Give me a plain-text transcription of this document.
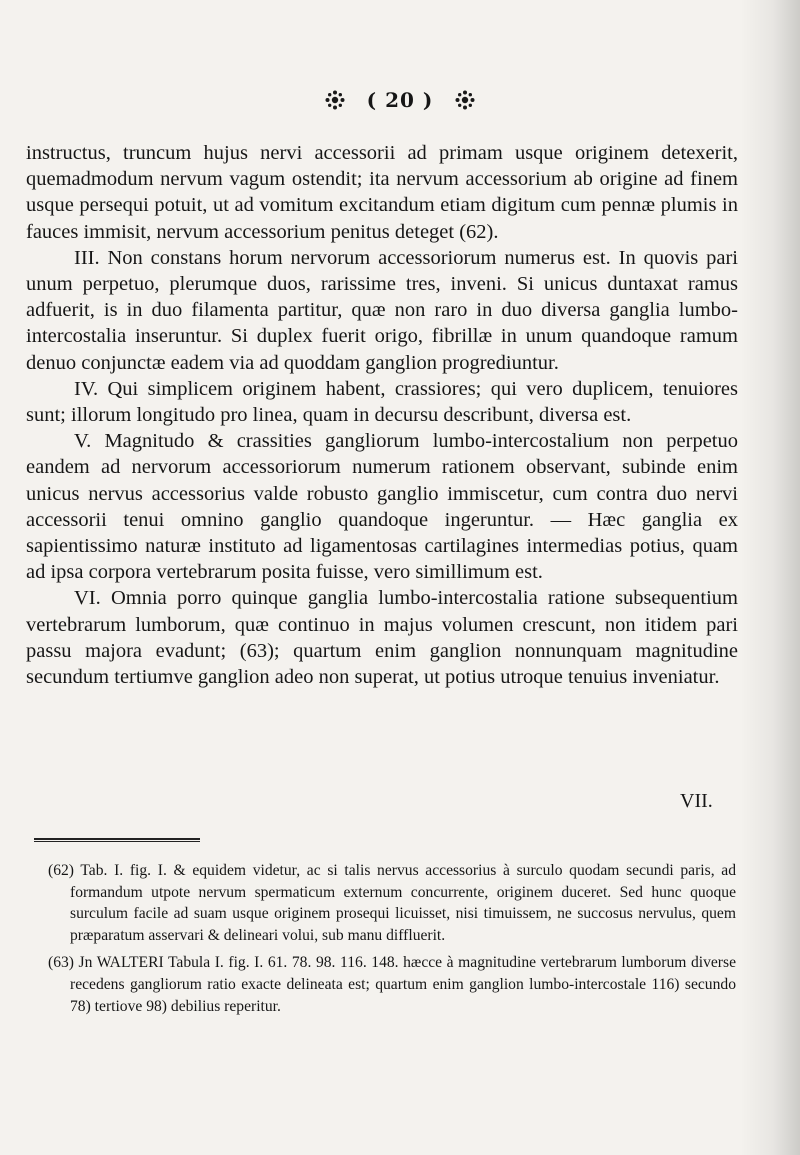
( 20 )

instructus, truncum hujus nervi accessorii ad primam usque originem detexerit, quemadmodum nervum vagum ostendit; ita nervum accessorium ab origine ad finem usque persequi potuit, ut ad vomitum excitandum etiam digitum cum pennæ plumis in fauces immisit, nervum accessorium penitus deteget (62).

III. Non constans horum nervorum accessoriorum numerus est. In quovis pari unum perpetuo, plerumque duos, rarissime tres, inveni. Si unicus duntaxat ramus adfuerit, is in duo filamenta partitur, quæ non raro in duo diversa ganglia lumbo-intercostalia inseruntur. Si duplex fuerit origo, fibrillæ in unum quandoque ramum denuo conjunctæ eadem via ad quoddam ganglion progrediuntur.

IV. Qui simplicem originem habent, crassiores; qui vero duplicem, tenuiores sunt; illorum longitudo pro linea, quam in decursu describunt, diversa est.

V. Magnitudo & crassities gangliorum lumbo-intercostalium non perpetuo eandem ad nervorum accessoriorum numerum rationem observant, subinde enim unicus nervus accessorius valde robusto ganglio immiscetur, cum contra duo nervi accessorii tenui omnino ganglio quandoque ingeruntur. — Hæc ganglia ex sapientissimo naturæ instituto ad ligamentosas cartilagines intermedias potius, quam ad ipsa corpora vertebrarum posita fuisse, vero simillimum est.

VI. Omnia porro quinque ganglia lumbo-intercostalia ratione subsequentium vertebrarum lumborum, quæ continuo in majus volumen crescunt, non itidem pari passu majora evadunt; (63); quartum enim ganglion nonnunquam magnitudine secundum tertiumve ganglion adeo non superat, ut potius utroque tenuius inveniatur.

VII.

(62) Tab. I. fig. I. & equidem videtur, ac si talis nervus accessorius à surculo quodam secundi paris, ad formandum utpote nervum spermaticum externum concurrente, originem duceret. Sed hunc quoque surculum facile ad suam usque originem prosequi licuisset, nisi timuissem, ne succosus nervulus, quem præparatum asservari & delineari volui, sub manu diffluerit.

(63) Jn WALTERI Tabula I. fig. I. 61. 78. 98. 116. 148. hæcce à magnitudine vertebrarum lumborum diverse recedens gangliorum ratio exacte delineata est; quartum enim ganglion lumbo-intercostale 116) secundo 78) tertiove 98) debilius reperitur.
